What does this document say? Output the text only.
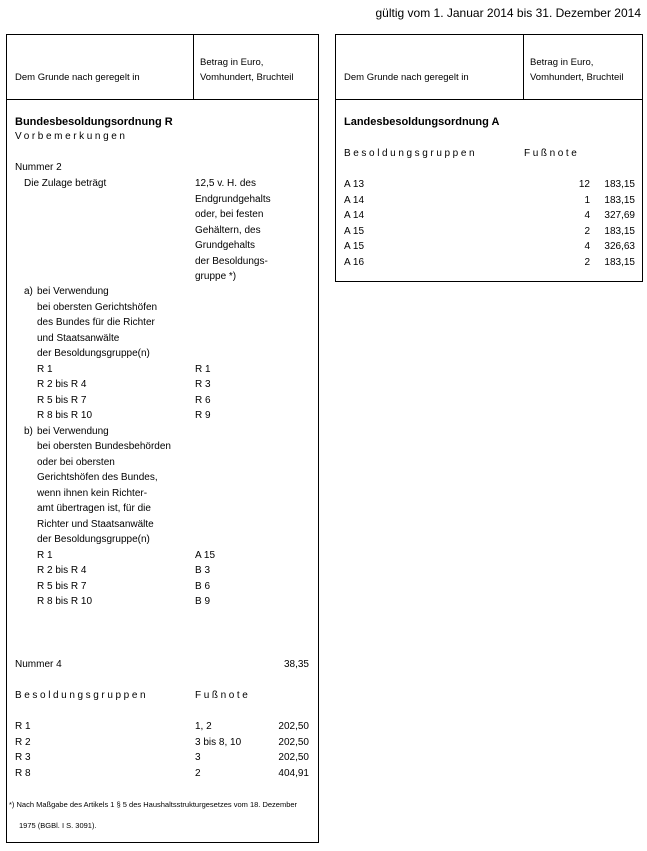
gültig vom 1. Januar 2014 bis 31. Dezember 2014
Dem Grunde nach geregelt in
Betrag in Euro,
Vomhundert, Bruchteil
Bundesbesoldungsordnung R
Vorbemerkungen
Nummer 2
Die Zulage beträgt	12,5 v. H. des
Endgrundgehalts
oder, bei festen
Gehältern, des
Grundgehalts
der Besoldungs-
gruppe *)
a) bei Verwendung
bei obersten Gerichtshöfen
des Bundes für die Richter
und Staatsanwälte
der Besoldungsgruppe(n)
R 1	R 1
R 2 bis R 4	R 3
R 5 bis R 7	R 6
R 8 bis R 10	R 9
b) bei Verwendung
bei obersten Bundesbehörden
oder bei obersten
Gerichtshöfen des Bundes,
wenn ihnen kein Richter-
amt übertragen ist, für die
Richter und Staatsanwälte
der Besoldungsgruppe(n)
R 1	A 15
R 2 bis R 4	B 3
R 5 bis R 7	B 6
R 8 bis R 10	B 9
Nummer 4	38,35
Besoldungsgruppen	Fußnote
R 1	1, 2	202,50
R 2	3 bis 8, 10	202,50
R 3	3	202,50
R 8	2	404,91
*) Nach Maßgabe des Artikels 1 § 5 des Haushaltsstrukturgesetzes vom 18. Dezember
1975 (BGBl. I S. 3091).
Dem Grunde nach geregelt in
Betrag in Euro,
Vomhundert, Bruchteil
Landesbesoldungsordnung A
Besoldungsgruppen	Fußnote
A 13	12	183,15
A 14	1	183,15
A 14	4	327,69
A 15	2	183,15
A 15	4	326,63
A 16	2	183,15
